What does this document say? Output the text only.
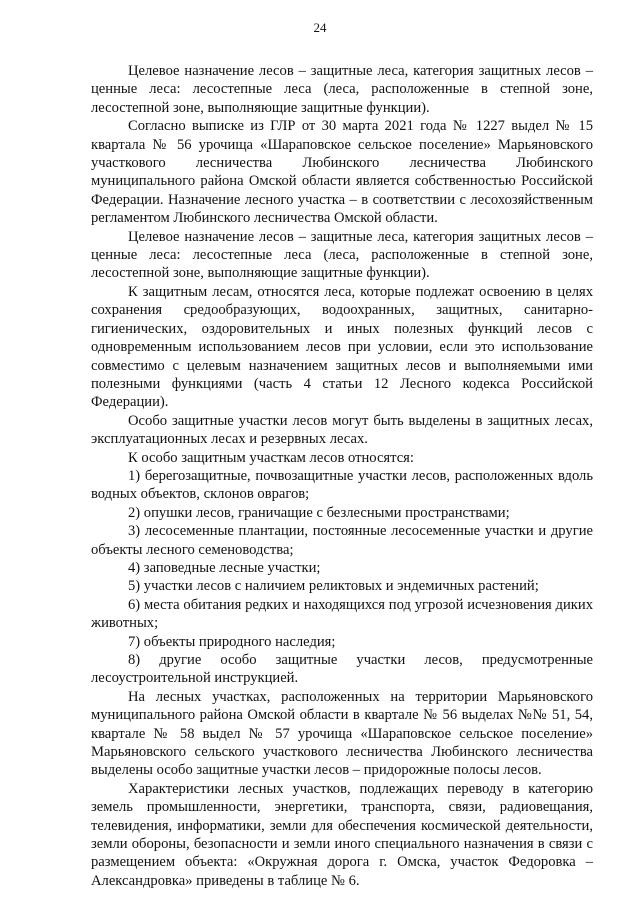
24

Целевое назначение лесов – защитные леса, категория защитных лесов – ценные леса: лесостепные леса (леса, расположенные в степной зоне, лесостепной зоне, выполняющие защитные функции).

Согласно выписке из ГЛР от 30 марта 2021 года № 1227 выдел № 15 квартала № 56 урочища «Шараповское сельское поселение» Марьяновского участкового лесничества Любинского лесничества Любинского муниципального района Омской области является собственностью Российской Федерации. Назначение лесного участка – в соответствии с лесохозяйственным регламентом Любинского лесничества Омской области.

Целевое назначение лесов – защитные леса, категория защитных лесов – ценные леса: лесостепные леса (леса, расположенные в степной зоне, лесостепной зоне, выполняющие защитные функции).

К защитным лесам, относятся леса, которые подлежат освоению в целях сохранения средообразующих, водоохранных, защитных, санитарно-гигиенических, оздоровительных и иных полезных функций лесов с одновременным использованием лесов при условии, если это использование совместимо с целевым назначением защитных лесов и выполняемыми ими полезными функциями (часть 4 статьи 12 Лесного кодекса Российской Федерации).

Особо защитные участки лесов могут быть выделены в защитных лесах, эксплуатационных лесах и резервных лесах.

К особо защитным участкам лесов относятся:

1) берегозащитные, почвозащитные участки лесов, расположенных вдоль водных объектов, склонов оврагов;

2) опушки лесов, граничащие с безлесными пространствами;

3) лесосеменные плантации, постоянные лесосеменные участки и другие объекты лесного семеноводства;

4) заповедные лесные участки;

5) участки лесов с наличием реликтовых и эндемичных растений;

6) места обитания редких и находящихся под угрозой исчезновения диких животных;

7) объекты природного наследия;

8) другие особо защитные участки лесов, предусмотренные лесоустроительной инструкцией.

На лесных участках, расположенных на территории Марьяновского муниципального района Омской области в квартале № 56 выделах №№ 51, 54, квартале № 58 выдел № 57 урочища «Шараповское сельское поселение» Марьяновского сельского участкового лесничества Любинского лесничества выделены особо защитные участки лесов – придорожные полосы лесов.

Характеристики лесных участков, подлежащих переводу в категорию земель промышленности, энергетики, транспорта, связи, радиовещания, телевидения, информатики, земли для обеспечения космической деятельности, земли обороны, безопасности и земли иного специального назначения в связи с размещением объекта: «Окружная дорога г. Омска, участок Федоровка – Александровка» приведены в таблице № 6.
